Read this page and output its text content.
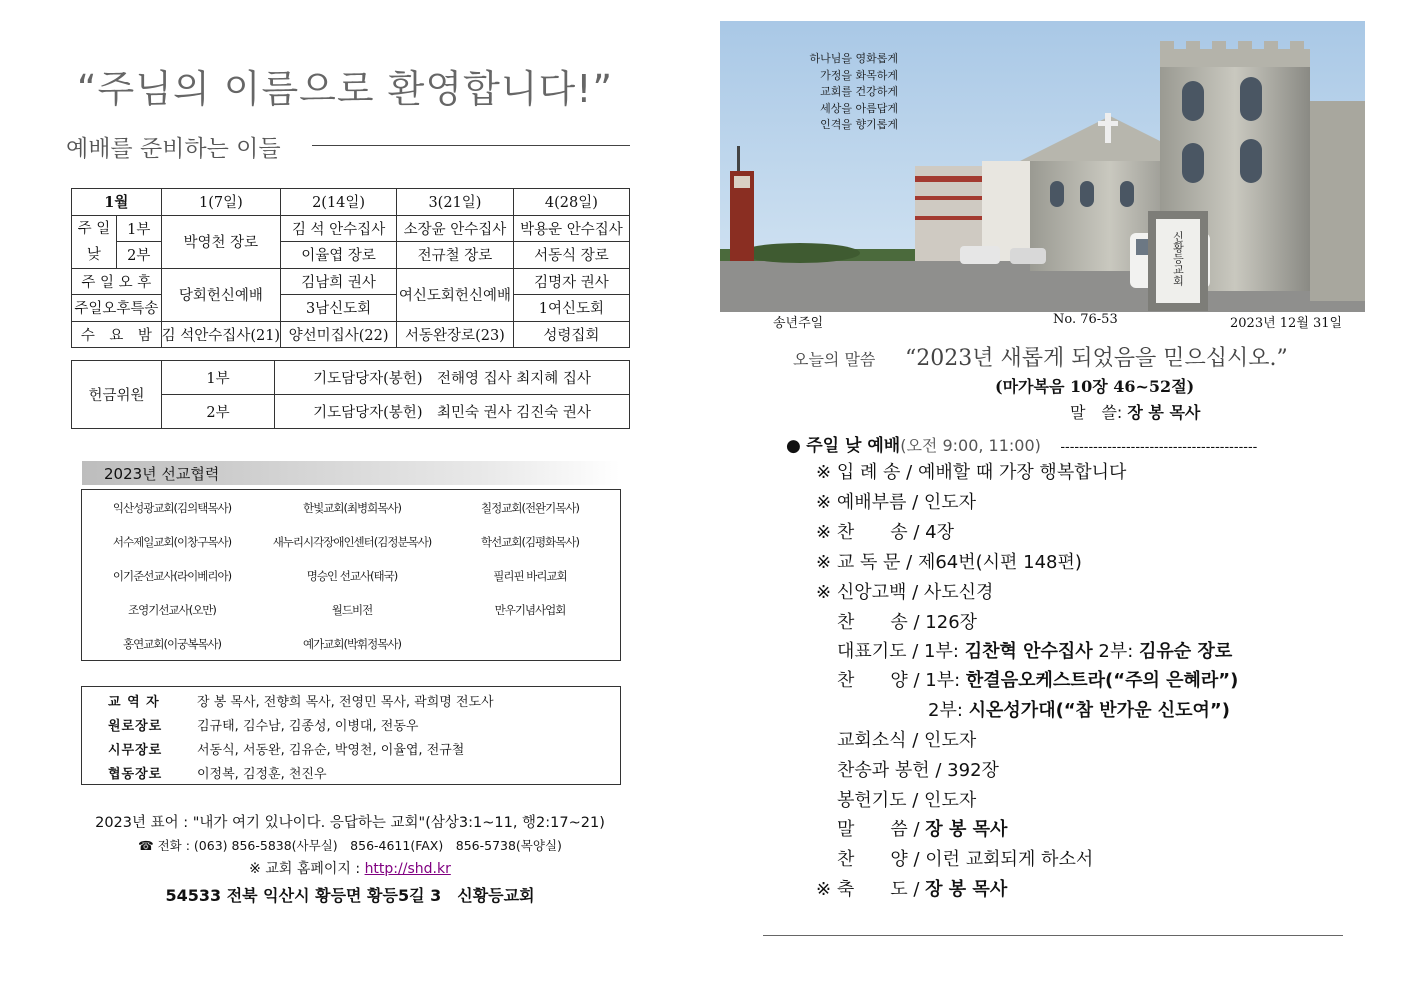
“주님의 이름으로 환영합니다!”
예배를 준비하는 이들
1월		1(7일)	2(14일)	3(21일)	4(28일)
주 일
낮	1부	박영천 장로	김 석 안수집사	소장윤 안수집사	박용운 안수집사
	2부		이율엽 장로	전규철 장로	서동식 장로
주 일 오 후		당회헌신예배	김남희 권사	여신도회헌신예배	김명자 권사
주일오후특송			3남신도회		1여신도회
수　요　밤		김 석안수집사(21)	양선미집사(22)	서동완장로(23)	성령집회
헌금위원	1부	기도담당자(봉헌)　전해영 집사 최지혜 집사
	2부	기도담당자(봉헌)　최민숙 권사 김진숙 권사
2023년 선교협력
익산성광교회(김의택목사)	한빛교회(최병희목사)	칠정교회(전완기목사)
서수제일교회(이창구목사)	새누리시각장애인센터(김정분목사)	학선교회(김평화목사)
이기준선교사(라이베리아)	명승인 선교사(태국)	필리핀 바리교회
조영기선교사(오만)	월드비전	만우기념사업회
홍연교회(이궁복목사)	예가교회(박휘정목사)
교 역 자	장 봉 목사, 전향희 목사, 전영민 목사, 곽희명 전도사
원로장로	김규태, 김수남, 김종성, 이병대, 전동우
시무장로	서동식, 서동완, 김유순, 박영천, 이율엽, 전규철
협동장로	이정복, 김정훈, 천진우
2023년 표어 : "내가 여기 있나이다. 응답하는 교회"(삼상3:1~11, 행2:17~21)
☎ 전화 : (063) 856-5838(사무실)　856-4611(FAX)　856-5738(목양실)
※ 교회 홈페이지 : http://shd.kr
54533 전북 익산시 황등면 황등5길 3　신황등교회
신황등교회
하나님을 영화롭게
가정을 화목하게
교회를 건강하게
세상을 아름답게
인격을 향기롭게
송년주일	No. 76-53	2023년 12월 31일
오늘의 말씀 “2023년 새롭게 되었음을 믿으십시오.”
(마가복음 10장 46~52절)
말　쓸: 장 봉 목사
● 주일 낮 예배(오전 9:00, 11:00) ------------------------------------------
※ 입 례 송 / 예배할 때 가장 행복합니다
※ 예배부름 / 인도자
※ 찬　　송 / 4장
※ 교 독 문 / 제64번(시편 148편)
※ 신앙고백 / 사도신경
찬　　송 / 126장
대표기도 / 1부: 김찬혁 안수집사 2부: 김유순 장로
찬　　양 / 1부: 한결음오케스트라(“주의 은혜라”)
2부: 시온성가대(“참 반가운 신도여”)
교회소식 / 인도자
찬송과 봉헌 / 392장
봉헌기도 / 인도자
말　　씀 / 장 봉 목사
찬　　양 / 이런 교회되게 하소서
※ 축　　도 / 장 봉 목사
